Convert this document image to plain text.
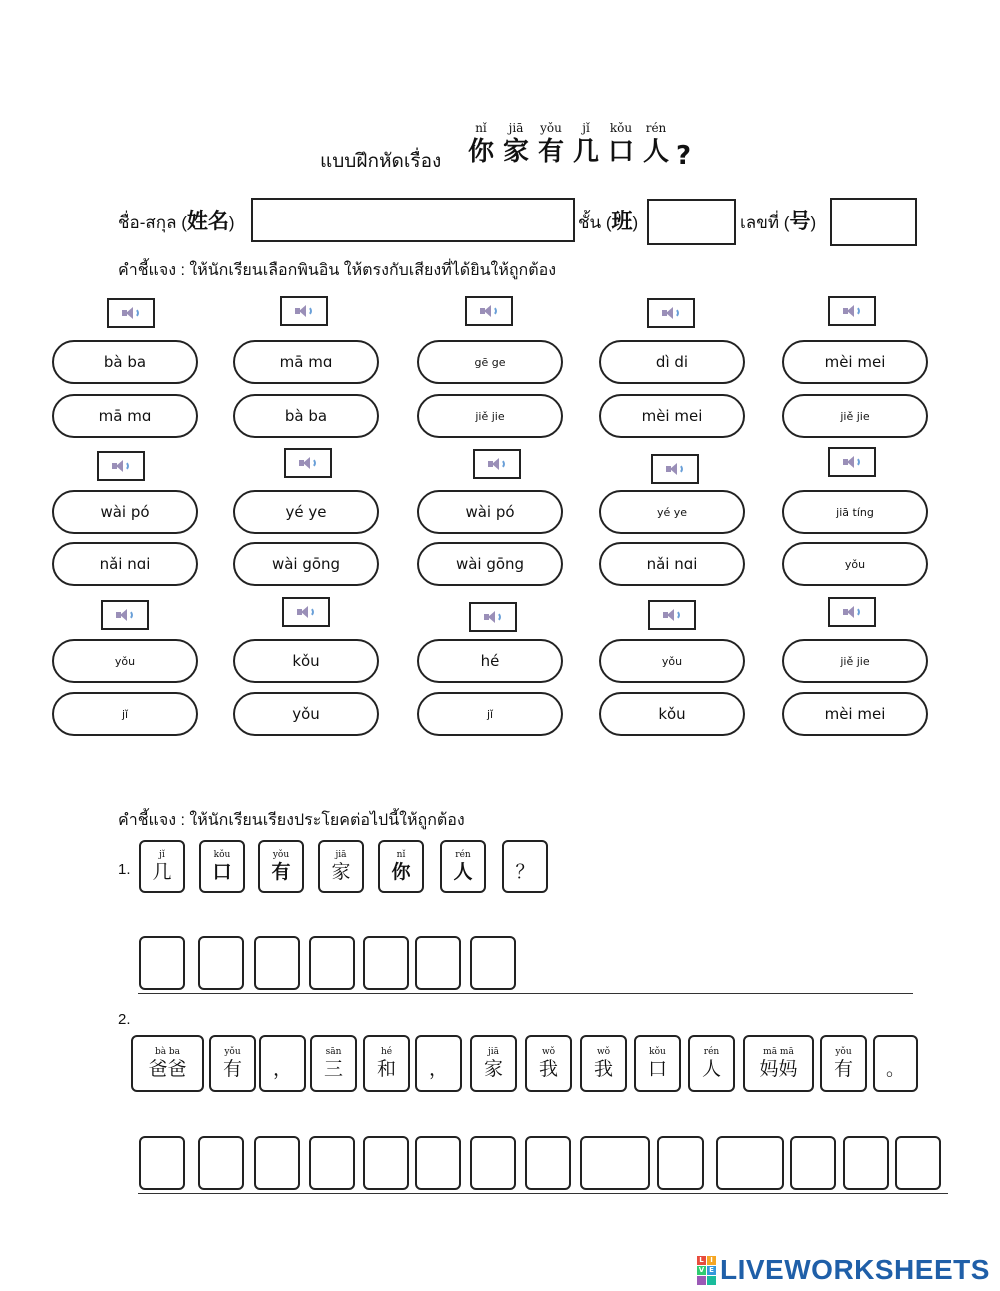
แบบฝึกหัดเรื่อง
nǐ
你
jiā
家
yǒu
有
jǐ
几
kǒu
口
rén
人 ?
ชื่อ-สกุล (姓名)	ชั้น (班)	เลขที่ (号)
คำชี้แจง : ให้นักเรียนเลือกพินอิน ให้ตรงกับเสียงที่ได้ยินให้ถูกต้อง
bà ba
mā mɑ
mā mɑ
bà ba
gē ge
jiě jie
dì di
mèi mei
mèi mei
jiě jie
wài pó
nǎi nɑi
yé ye
wài gōng
wài pó
wài gōng
yé ye
nǎi nɑi
jiā tíng
yǒu
yǒu
jǐ
kǒu
yǒu
hé
jǐ
yǒu
kǒu
jiě jie
mèi mei
คำชี้แจง : ให้นักเรียนเรียงประโยคต่อไปนี้ให้ถูกต้อง
1.
jǐ
几
kǒu
口
yǒu
有
jiā
家
nǐ
你
rén
人 ？
2.
bà ba
爸爸
yǒu
有 ，
sān
三
hé
和 ，
jiā
家
wǒ
我
wǒ
我
kǒu
口
rén
人
mā mā
妈妈
yǒu
有 。
L I
V E LIVEWORKSHEETS
